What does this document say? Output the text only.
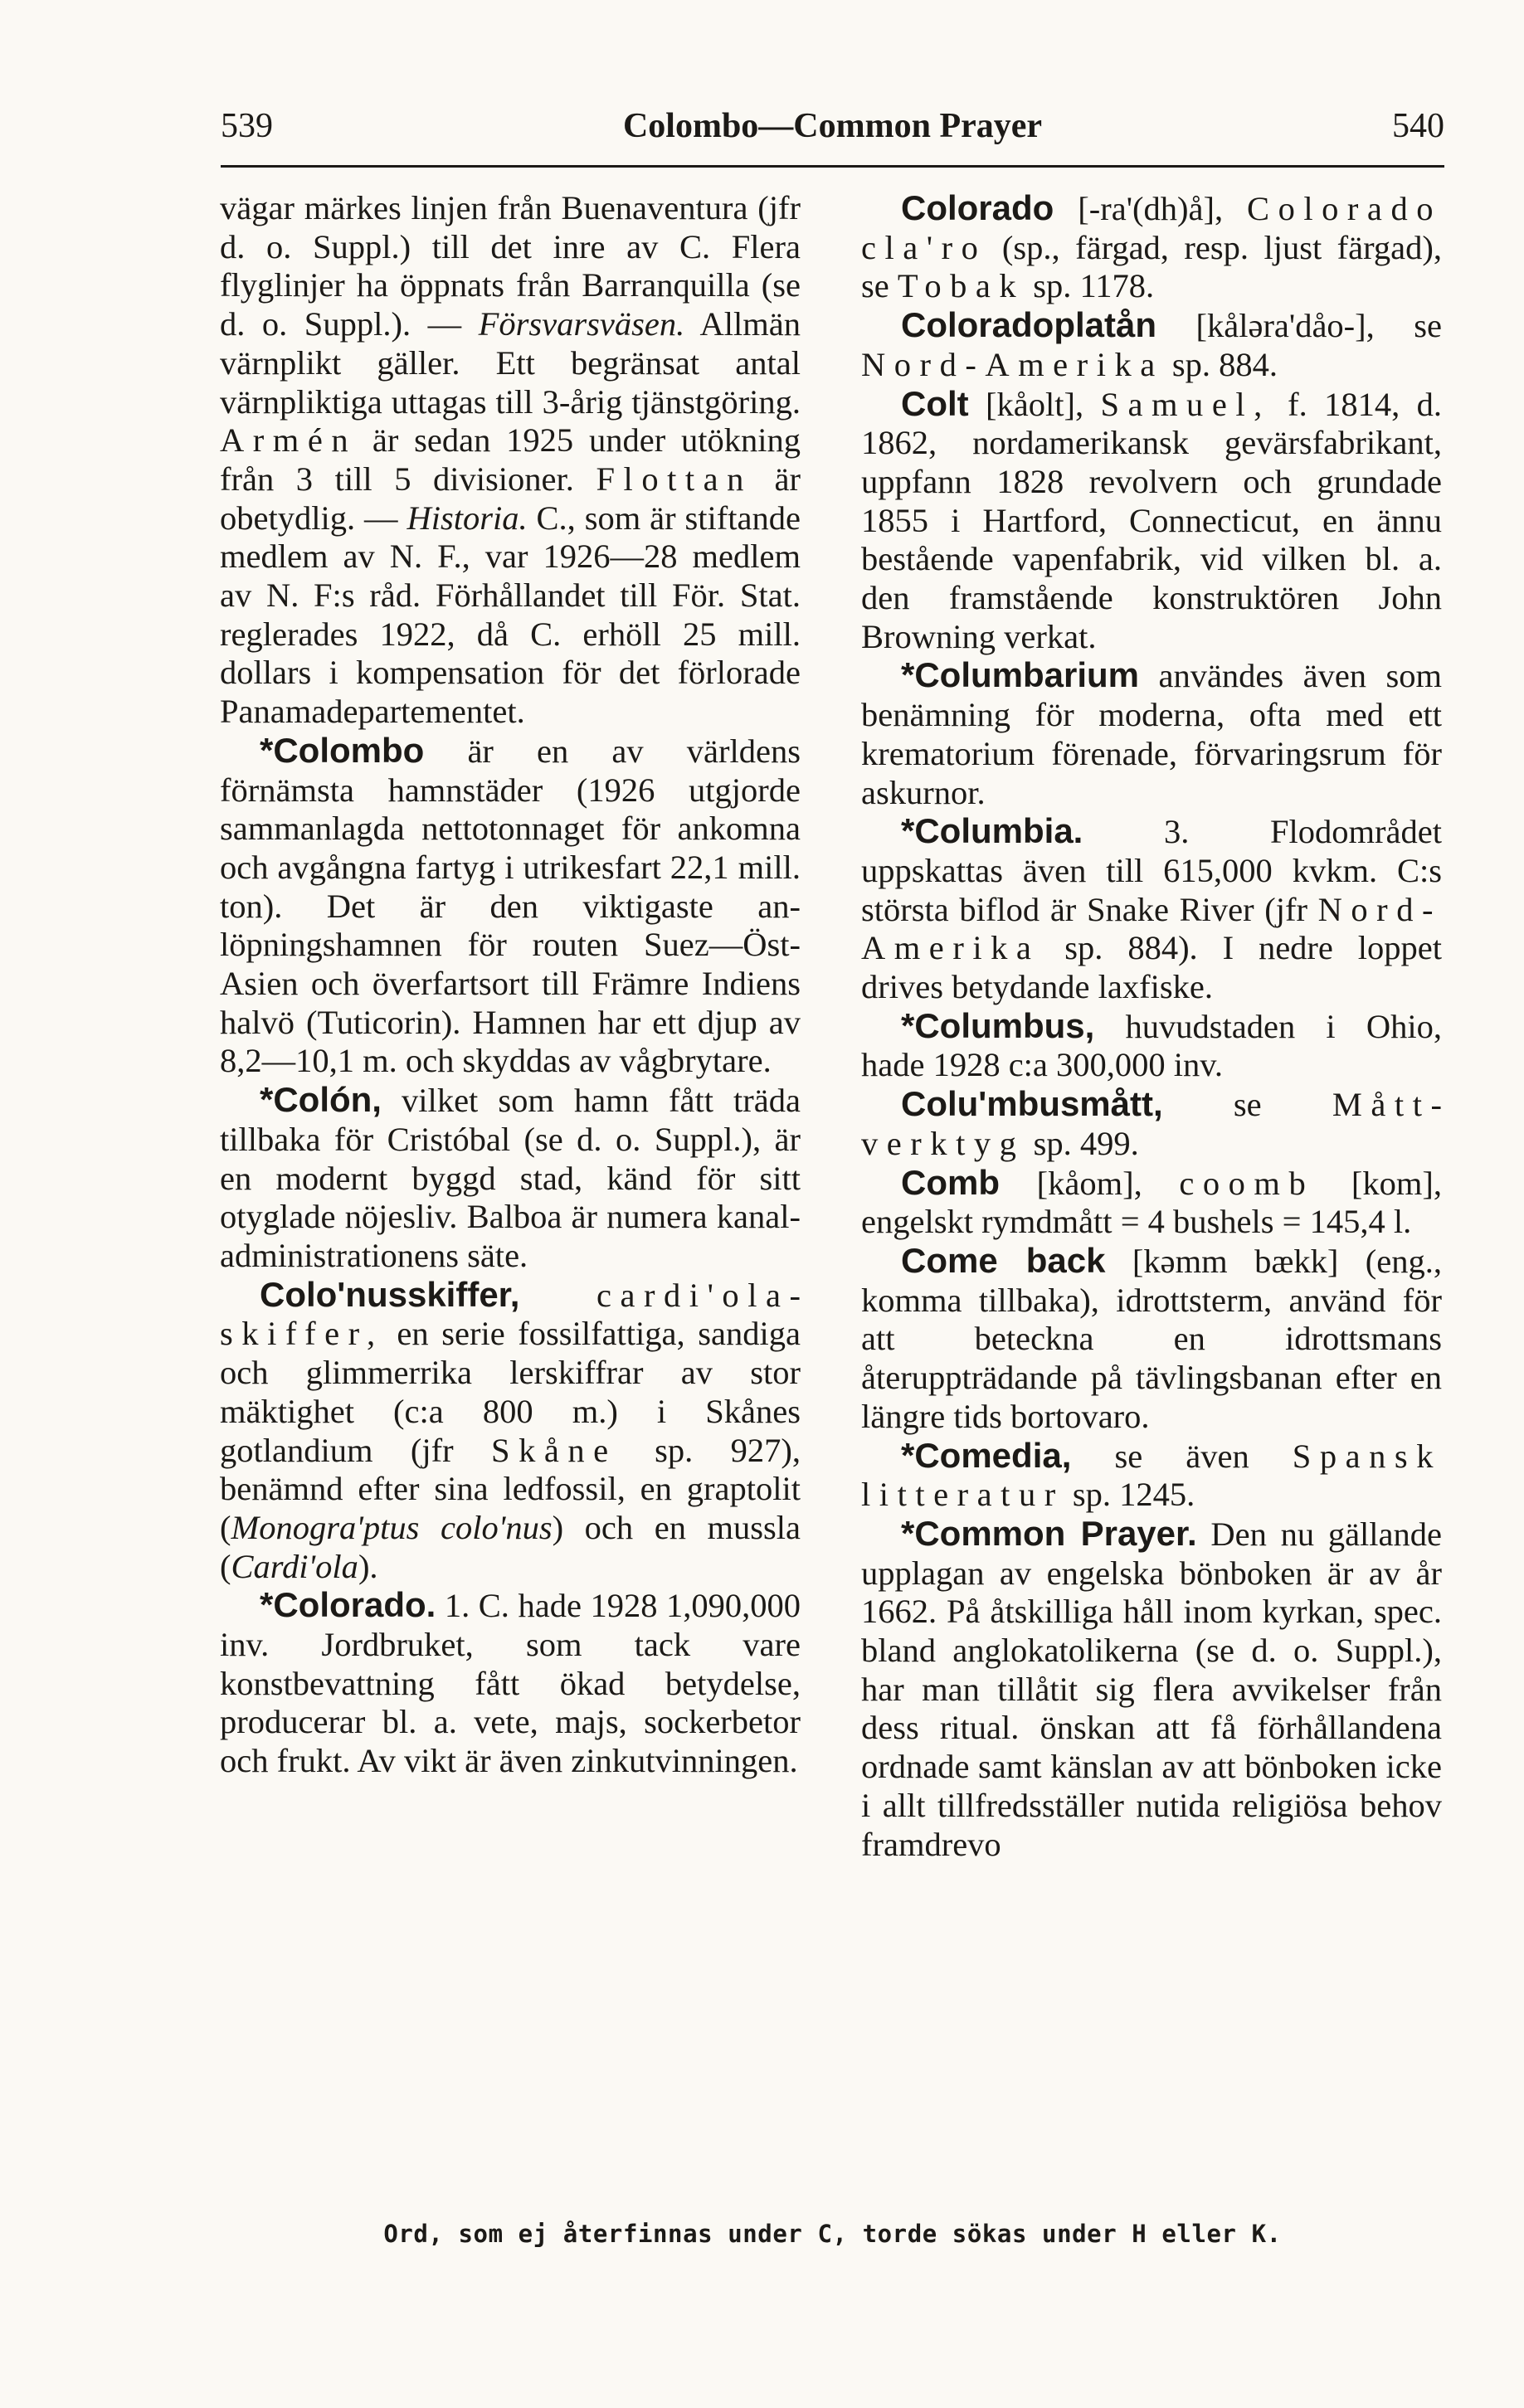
539	Colombo—Common Prayer	540

vägar märkes linjen från Buenaventura (jfr d. o. Suppl.) till det inre av C. Flera flyglinjer ha öppnats från Barranquilla (se d. o. Suppl.). — Försvarsväsen. Allmän värnplikt gäller. Ett begränsat antal värnpliktiga uttagas till 3-årig tjänstgöring. Armén är sedan 1925 under utökning från 3 till 5 divisioner. Flottan är obetydlig. — Historia. C., som är stiftande medlem av N. F., var 1926—28 medlem av N. F:s råd. Förhållandet till För. Stat. reglerades 1922, då C. erhöll 25 mill. dollars i kompensation för det förlorade Panamadepartementet.

*Colombo är en av världens förnämsta hamnstäder (1926 utgjorde sammanlagda nettotonnaget för ankomna och avgångna fartyg i utrikesfart 22,1 mill. ton). Det är den viktigaste anlöpningshamnen för routen Suez—Öst-Asien och överfartsort till Främre Indiens halvö (Tuticorin). Hamnen har ett djup av 8,2—10,1 m. och skyddas av vågbrytare.

*Colón, vilket som hamn fått träda tillbaka för Cristóbal (se d. o. Suppl.), är en modernt byggd stad, känd för sitt otyglade nöjesliv. Balboa är numera kanaladministrationens säte.

Colo'nusskiffer, cardi'olaskiffer, en serie fossilfattiga, sandiga och glimmerrika lerskiffrar av stor mäktighet (c:a 800 m.) i Skånes gotlandium (jfr Skåne sp. 927), benämnd efter sina ledfossil, en graptolit (Monogra'ptus colo'nus) och en mussla (Cardi'ola).

*Colorado. 1. C. hade 1928 1,090,000 inv. Jordbruket, som tack vare konstbevattning fått ökad betydelse, producerar bl. a. vete, majs, sockerbetor och frukt. Av vikt är även zinkutvinningen.

Colorado [-ra'(dh)å], Colorado cla'ro (sp., färgad, resp. ljust färgad), se Tobak sp. 1178.

Coloradoplatån [kålәra'dåo-], se Nord-Amerika sp. 884.

Colt [kåolt], Samuel, f. 1814, d. 1862, nordamerikansk gevärsfabrikant, uppfann 1828 revolvern och grundade 1855 i Hartford, Connecticut, en ännu bestående vapenfabrik, vid vilken bl. a. den framstående konstruktören John Browning verkat.

*Columbarium användes även som benämning för moderna, ofta med ett krematorium förenade, förvaringsrum för askurnor.

*Columbia. 3. Flodområdet uppskattas även till 615,000 kvkm. C:s största biflod är Snake River (jfr Nord-Amerika sp. 884). I nedre loppet drives betydande laxfiske.

*Columbus, huvudstaden i Ohio, hade 1928 c:a 300,000 inv.

Colu'mbusmått, se Måttverktyg sp. 499.

Comb [kåom], coomb [kom], engelskt rymdmått = 4 bushels = 145,4 l.

Come back [kәmm bækk] (eng., komma tillbaka), idrottsterm, använd för att beteckna en idrottsmans återuppträdande på tävlingsbanan efter en längre tids bortovaro.

*Comedia, se även Spansk litteratur sp. 1245.

*Common Prayer. Den nu gällande upplagan av engelska bönboken är av år 1662. På åtskilliga håll inom kyrkan, spec. bland anglokatolikerna (se d. o. Suppl.), har man tillåtit sig flera avvikelser från dess ritual. önskan att få förhållandena ordnade samt känslan av att bönboken icke i allt tillfredsställer nutida religiösa behov framdrevo

Ord, som ej återfinnas under C, torde sökas under H eller K.
